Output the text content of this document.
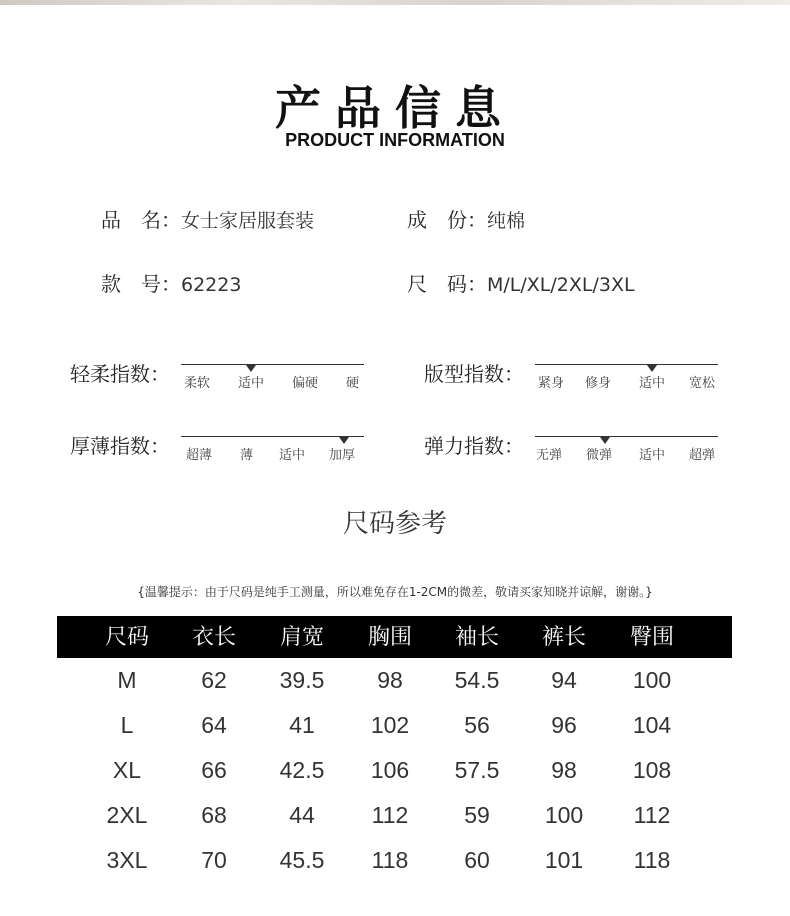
产品信息
PRODUCT INFORMATION
品　名：女士家居服套装	成　份：纯棉
款　号：62223	尺　码：M/L/XL/2XL/3XL
轻柔指数： 柔软 适中 偏硬 硬	版型指数： 紧身 修身 适中 宽松
厚薄指数： 超薄 薄 适中 加厚	弹力指数： 无弹 微弹 适中 超弹
尺码参考
{温馨提示：由于尺码是纯手工测量，所以难免存在1-2CM的微差，敬请买家知晓并谅解，谢谢。}
尺码	衣长	肩宽	胸围	袖长	裤长	臀围
M	62	39.5	98	54.5	94	100
L	64	41	102	56	96	104
XL	66	42.5	106	57.5	98	108
2XL	68	44	112	59	100	112
3XL	70	45.5	118	60	101	118
